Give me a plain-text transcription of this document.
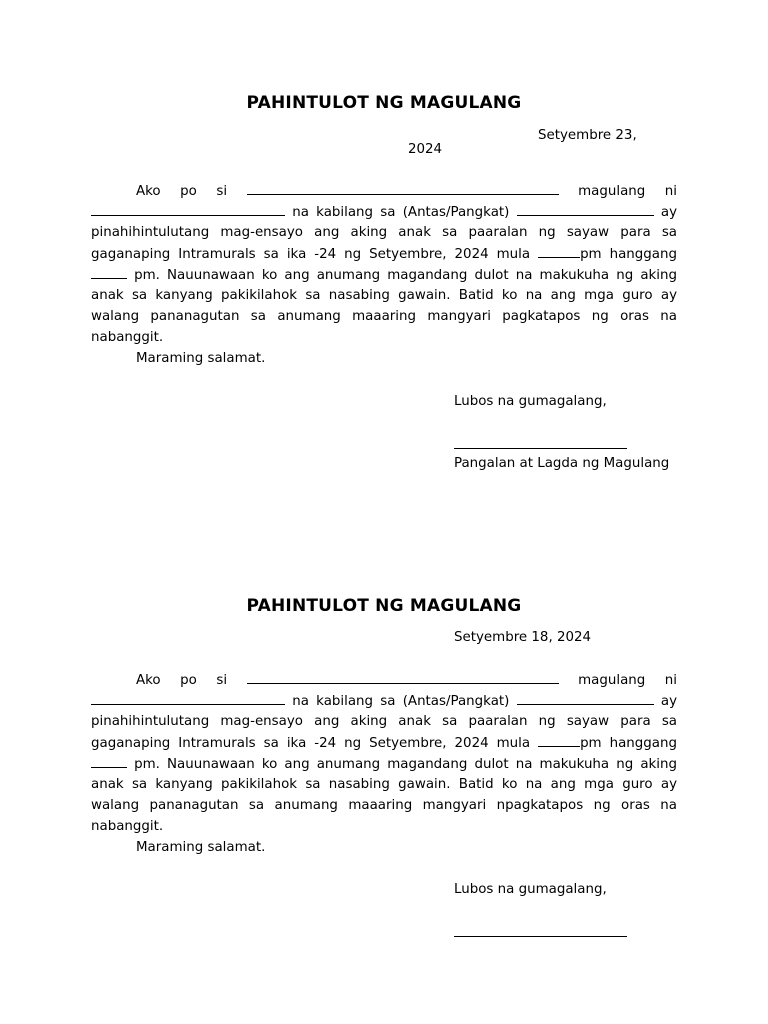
PAHINTULOT NG MAGULANG
Setyembre 23,
2024
Ako po si	magulang ni
na kabilang sa (Antas/Pangkat)	ay
pinahihintulutang mag-ensayo ang aking anak sa paaralan ng sayaw para sa
gaganaping Intramurals sa ika -24 ng Setyembre, 2024 mula	pm hanggang
pm. Nauunawaan ko ang anumang magandang dulot na makukuha ng aking
anak sa kanyang pakikilahok sa nasabing gawain. Batid ko na ang mga guro ay
walang pananagutan sa anumang maaaring mangyari pagkatapos ng oras na
nabanggit.
Maraming salamat.
Lubos na gumagalang,
Pangalan at Lagda ng Magulang
PAHINTULOT NG MAGULANG
Setyembre 18, 2024
Ako po si	magulang ni
na kabilang sa (Antas/Pangkat)	ay
pinahihintulutang mag-ensayo ang aking anak sa paaralan ng sayaw para sa
gaganaping Intramurals sa ika -24 ng Setyembre, 2024 mula	pm hanggang
pm. Nauunawaan ko ang anumang magandang dulot na makukuha ng aking
anak sa kanyang pakikilahok sa nasabing gawain. Batid ko na ang mga guro ay
walang pananagutan sa anumang maaaring mangyari npagkatapos ng oras na
nabanggit.
Maraming salamat.
Lubos na gumagalang,
